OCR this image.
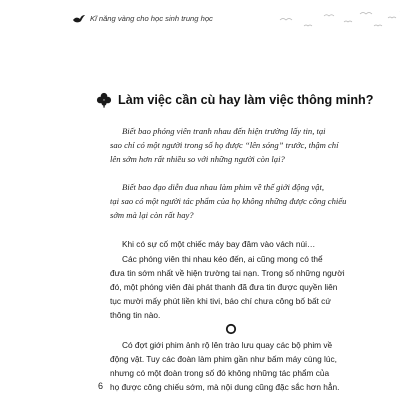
Kĩ năng vàng cho học sinh trung học
Làm việc cần cù hay làm việc thông minh?
Biết bao phóng viên tranh nhau đến hiện trường lấy tin, tại
sao chỉ có một người trong số họ được “lên sóng” trước, thậm chí
lên sớm hơn rất nhiều so với những người còn lại?
Biết bao đạo diễn đua nhau làm phim về thế giới động vật,
tại sao có một người tác phẩm của họ không những được công chiếu
sớm mà lại còn rất hay?
Khi có sự cố một chiếc máy bay đâm vào vách núi…
Các phóng viên thi nhau kéo đến, ai cũng mong có thể
đưa tin sớm nhất về hiện trường tai nạn. Trong số những người
đó, một phóng viên đài phát thanh đã đưa tin được quyền liên
tục mười mấy phút liền khi tivi, báo chí chưa công bố bất cứ
thông tin nào.
Có đợt giới phim ảnh rộ lên trào lưu quay các bộ phim về
động vật. Tuy các đoàn làm phim gần như bấm máy cùng lúc,
nhưng có một đoàn trong số đó không những tác phẩm của
họ được công chiếu sớm, mà nội dung cũng đặc sắc hơn hẳn.
6
